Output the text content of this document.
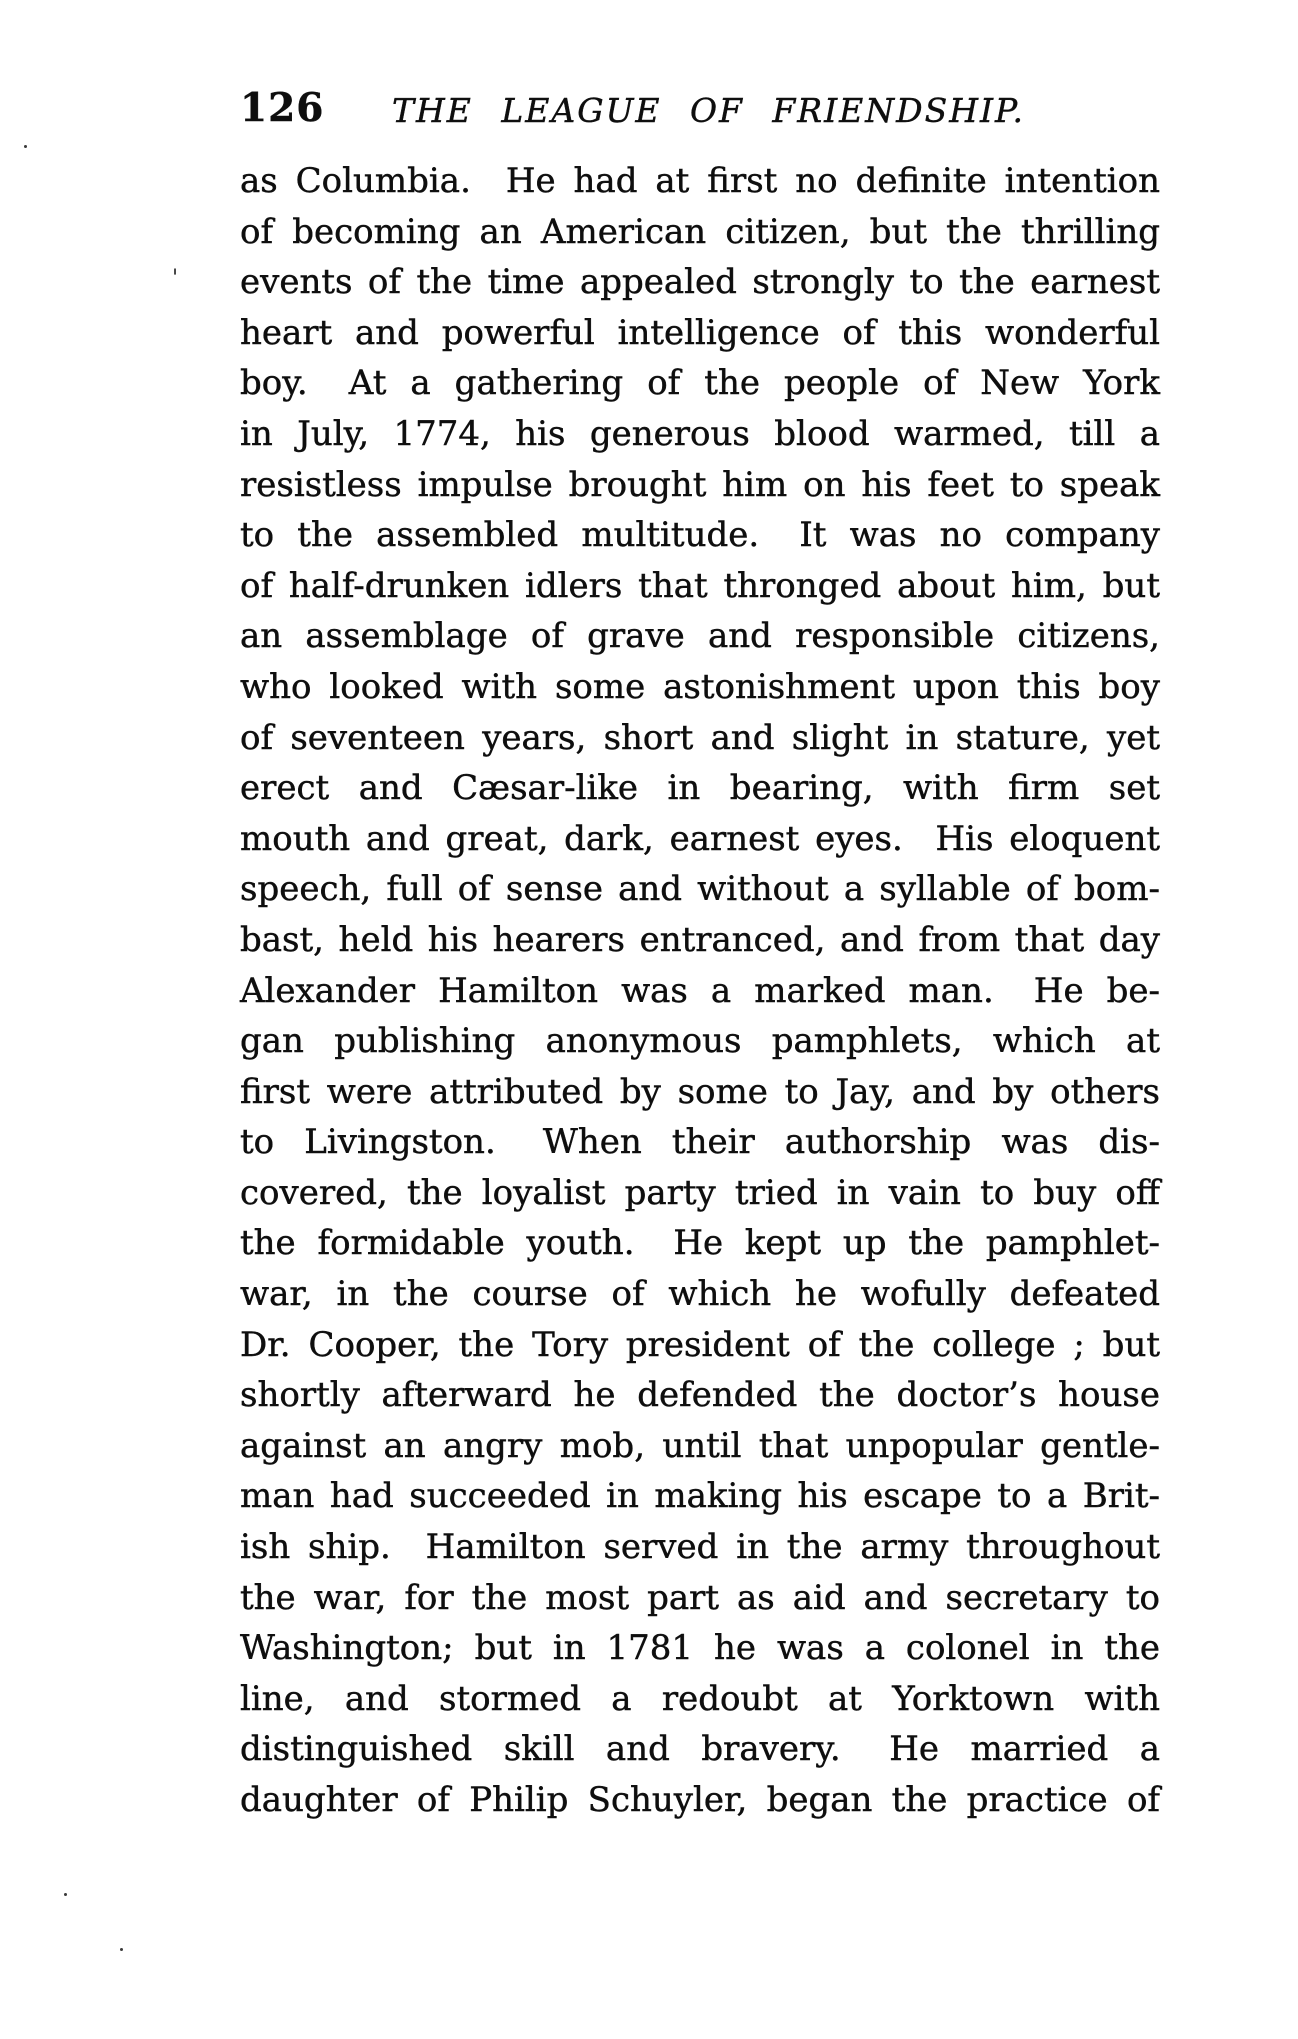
126 THE LEAGUE OF FRIENDSHIP.
'
as Columbia.  He had at first no definite intention
of becoming an American citizen, but the thrilling
events of the time appealed strongly to the earnest
heart and powerful intelligence of this wonderful
boy.  At a gathering of the people of New York
in July, 1774, his generous blood warmed, till a
resistless impulse brought him on his feet to speak
to the assembled multitude.  It was no company
of half-drunken idlers that thronged about him, but
an assemblage of grave and responsible citizens,
who looked with some astonishment upon this boy
of seventeen years, short and slight in stature, yet
erect and Cæsar-like in bearing, with firm set
mouth and great, dark, earnest eyes.  His eloquent
speech, full of sense and without a syllable of bom-
bast, held his hearers entranced, and from that day
Alexander Hamilton was a marked man.  He be-
gan publishing anonymous pamphlets, which at
first were attributed by some to Jay, and by others
to Livingston.  When their authorship was dis-
covered, the loyalist party tried in vain to buy off
the formidable youth.  He kept up the pamphlet-
war, in the course of which he wofully defeated
Dr. Cooper, the Tory president of the college ; but
shortly afterward he defended the doctor’s house
against an angry mob, until that unpopular gentle-
man had succeeded in making his escape to a Brit-
ish ship.  Hamilton served in the army throughout
the war, for the most part as aid and secretary to
Washington; but in 1781 he was a colonel in the
line, and stormed a redoubt at Yorktown with
distinguished skill and bravery.  He married a
daughter of Philip Schuyler, began the practice of
